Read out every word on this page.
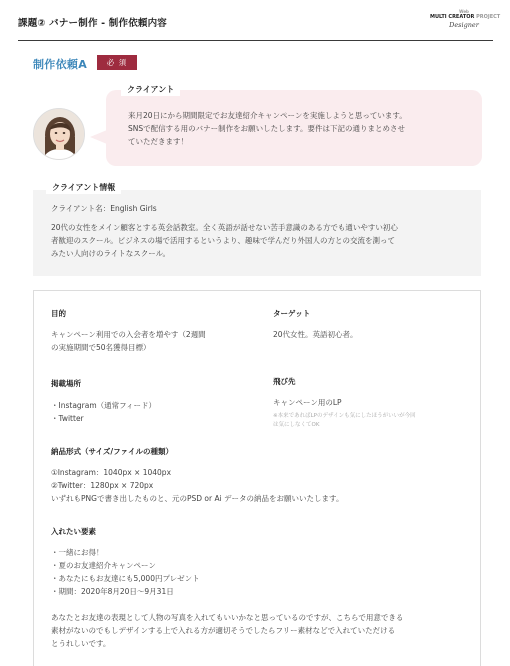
課題② バナー制作 - 制作依頼内容
Web
MULTI CREATOR PROJECT
Designer
制作依頼A	必 須
クライアント
来月20日にから期間限定でお友達紹介キャンペーンを実施しようと思っています。
SNSで配信する用のバナー制作をお願いしたします。要件は下記の通りまとめさせ
ていただきます！
クライアント情報
クライアント名：English Girls
20代の女性をメイン顧客とする英会話教室。全く英語が話せない苦手意識のある方でも通いやすい初心
者歓迎のスクール。ビジネスの場で活用するというより、趣味で学んだり外国人の方との交流を測って
みたい人向けのライトなスクール。
目的
キャンペーン利用での入会者を増やす（2週間
の実施期間で50名獲得目標）
ターゲット
20代女性。英語初心者。
掲載場所
・Instagram（通常フィード）
・Twitter
飛び先
キャンペーン用のLP
※本来であればLPのデザインも気にしたほうがいいが今回
は気にしなくてOK
納品形式（サイズ/ファイルの種類）
①Instagram：1040px × 1040px
②Twitter：1280px × 720px
いずれもPNGで書き出したものと、元のPSD or Ai データの納品をお願いいたします。
入れたい要素
・一緒にお得！
・夏のお友達紹介キャンペーン
・あなたにもお友達にも5,000円プレゼント
・期間：2020年8月20日〜9月31日
あなたとお友達の表現として人物の写真を入れてもいいかなと思っているのですが、こちらで用意できる
素材がないのでもしデザインする上で入れる方が適切そうでしたらフリー素材などで入れていただける
とうれしいです。
